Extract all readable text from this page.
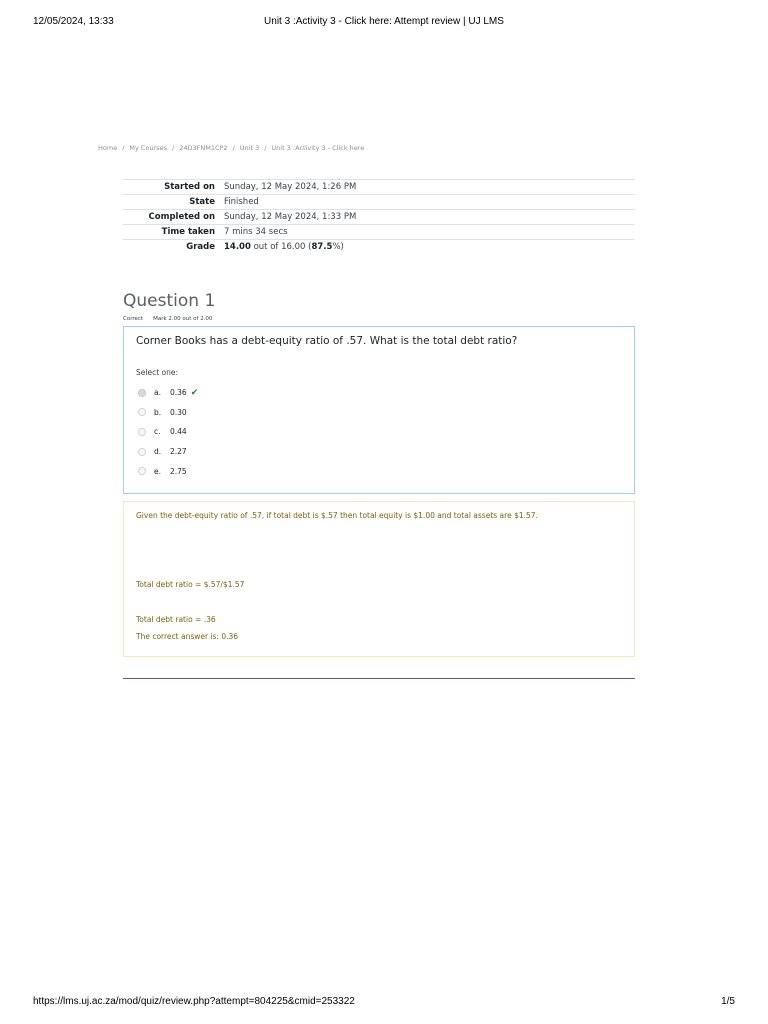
12/05/2024, 13:33	Unit 3 :Activity 3 - Click here: Attempt review | UJ LMS
Home / My Courses / 24D3FNM1CP2 / Unit 3 / Unit 3 :Activity 3 - Click here
Started on	Sunday, 12 May 2024, 1:26 PM
State	Finished
Completed on	Sunday, 12 May 2024, 1:33 PM
Time taken	7 mins 34 secs
Grade	14.00 out of 16.00 (87.5%)
Question 1
Correct Mark 2.00 out of 2.00
Corner Books has a debt-equity ratio of .57. What is the total debt ratio?
Select one:
a.	0.36 ✔
b.	0.30
c.	0.44
d.	2.27
e.	2.75
Given the debt-equity ratio of .57, if total debt is $.57 then total equity is $1.00 and total assets are $1.57.
Total debt ratio = $.57/$1.57
Total debt ratio = .36
The correct answer is: 0.36
https://lms.uj.ac.za/mod/quiz/review.php?attempt=804225&cmid=253322	1/5
